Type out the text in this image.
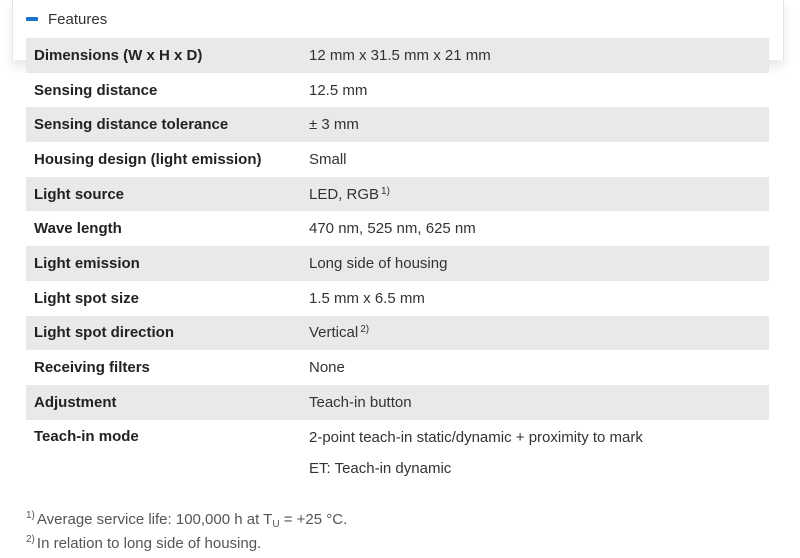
Features
Dimensions (W x H x D)	12 mm x 31.5 mm x 21 mm
Sensing distance	12.5 mm
Sensing distance tolerance	± 3 mm
Housing design (light emission)	Small
Light source	LED, RGB $^{1)}$
Wave length	470 nm, 525 nm, 625 nm
Light emission	Long side of housing
Light spot size	1.5 mm x 6.5 mm
Light spot direction	Vertical $^{2)}$
Receiving filters	None
Adjustment	Teach-in button
Teach-in mode	2-point teach-in static/dynamic + proximity to mark
ET: Teach-in dynamic
$^{1)}$ Average service life: 100,000 h at $T_U = +25$ °C.
$^{2)}$ In relation to long side of housing.
